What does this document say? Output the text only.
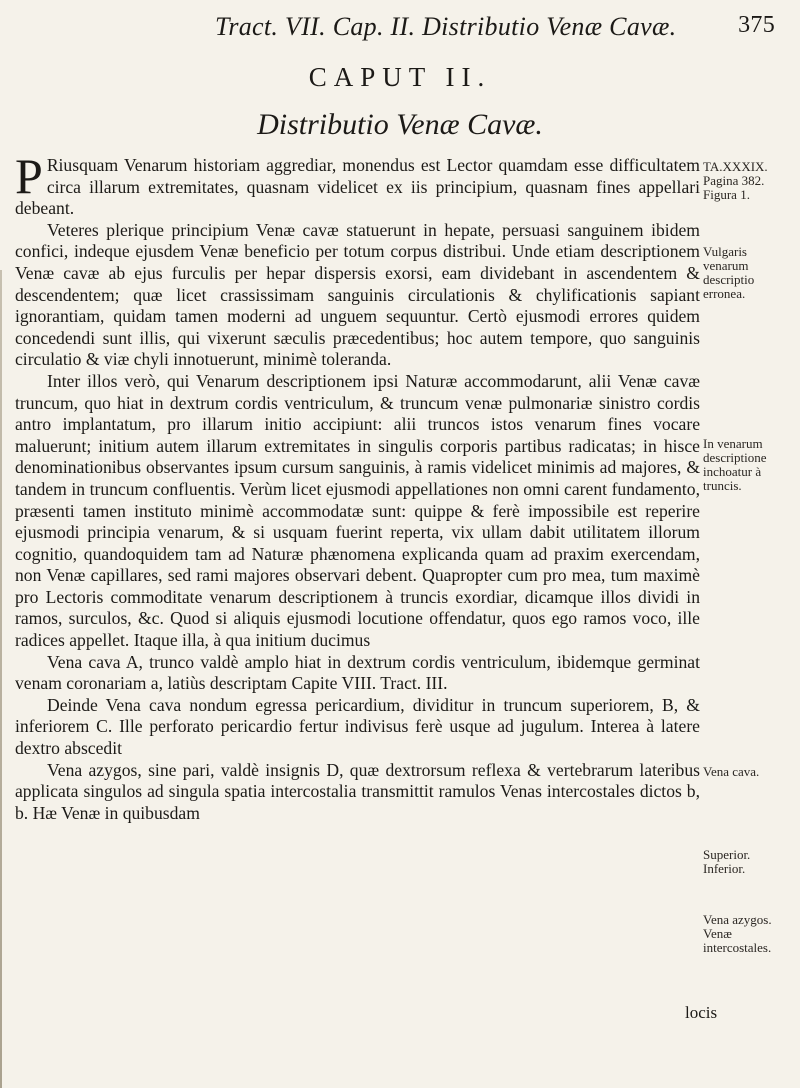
Tract. VII. Cap. II. Distributio Venæ Cavæ.	375
CAPUT II.
Distributio Venæ Cavæ.

P Riusquam Venarum historiam aggrediar, monendus est Lector quamdam esse difficultatem circa illarum extremitates, quasnam videlicet ex iis principium, quasnam fines appellari debeant.

Veteres plerique principium Venæ cavæ statuerunt in hepate, persuasi sanguinem ibidem confici, indeque ejusdem Venæ beneficio per totum corpus distribui. Unde etiam descriptionem Venæ cavæ ab ejus furculis per hepar dispersis exorsi, eam dividebant in ascendentem & descendentem; quæ licet crassissimam sanguinis circulationis & chylificationis sapiant ignorantiam, quidam tamen moderni ad unguem sequuntur. Certò ejusmodi errores quidem concedendi sunt illis, qui vixerunt sæculis præcedentibus; hoc autem tempore, quo sanguinis circulatio & viæ chyli innotuerunt, minimè toleranda.

Inter illos verò, qui Venarum descriptionem ipsi Naturæ accommodarunt, alii Venæ cavæ truncum, quo hiat in dextrum cordis ventriculum, & truncum venæ pulmonariæ sinistro cordis antro implantatum, pro illarum initio accipiunt: alii truncos istos venarum fines vocare maluerunt; initium autem illarum extremitates in singulis corporis partibus radicatas; in hisce denominationibus observantes ipsum cursum sanguinis, à ramis videlicet minimis ad majores, & tandem in truncum confluentis. Verùm licet ejusmodi appellationes non omni carent fundamento, præsenti tamen instituto minimè accommodatæ sunt: quippe & ferè impossibile est reperire ejusmodi principia venarum, & si usquam fuerint reperta, vix ullam dabit utilitatem illorum cognitio, quandoquidem tam ad Naturæ phænomena explicanda quam ad praxim exercendam, non Venæ capillares, sed rami majores observari debent. Quapropter cum pro mea, tum maximè pro Lectoris commoditate venarum descriptionem à truncis exordiar, dicamque illos dividi in ramos, surculos, &c. Quod si aliquis ejusmodi locutione offendatur, quos ego ramos voco, ille radices appellet. Itaque illa, à qua initium ducimus

Vena cava A, trunco valdè amplo hiat in dextrum cordis ventriculum, ibidemque germinat venam coronariam a, latiùs descriptam Capite VIII. Tract. III.

Deinde Vena cava nondum egressa pericardium, dividitur in truncum superiorem, B, & inferiorem C. Ille perforato pericardio fertur indivisus ferè usque ad jugulum. Interea à latere dextro abscedit

Vena azygos, sine pari, valdè insignis D, quæ dextrorsum reflexa & vertebrarum lateribus applicata singulos ad singula spatia intercostalia transmittit ramulos Venas intercostales dictos b, b. Hæ Venæ in quibusdam

TA.XXXIX. Pagina 382. Figura 1.
Vulgaris venarum descriptio erronea.
In venarum descriptione inchoatur à truncis.
Vena cava.
Superior. Inferior.
Vena azygos. Venæ intercostales.
locis
